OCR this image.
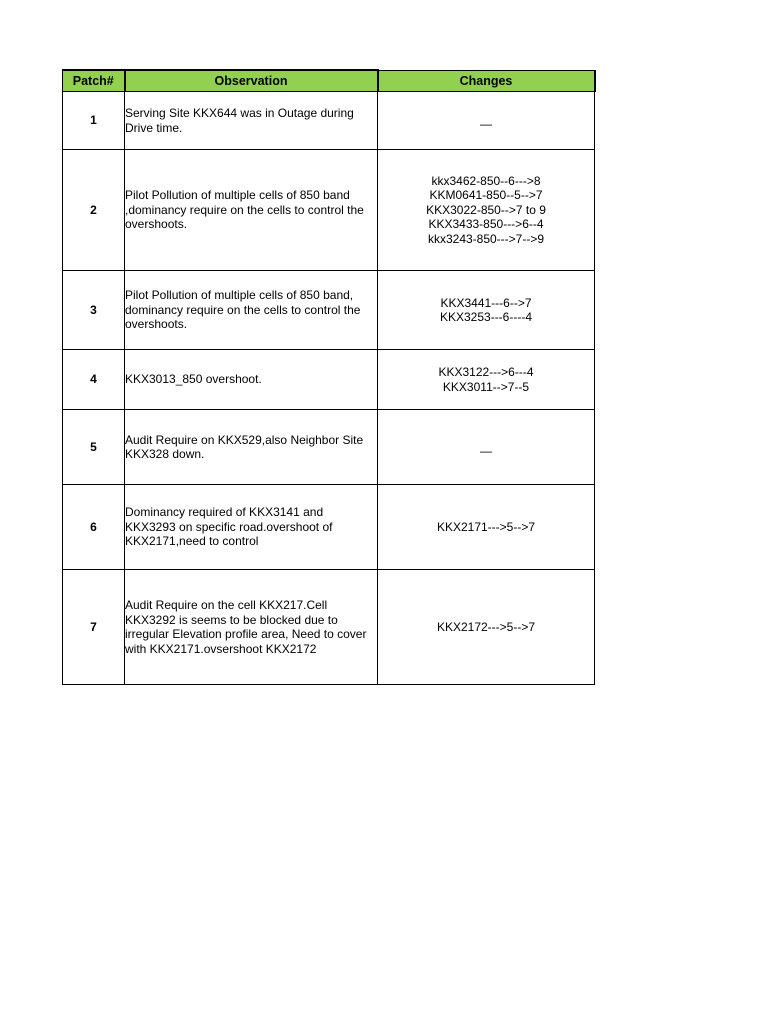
Patch#	Observation	Changes
1	Serving Site KKX644 was in Outage during Drive time.	—
2	Pilot Pollution of multiple cells of 850 band ,dominancy require on the cells to control the overshoots.	kkx3462-850--6--->8
KKM0641-850--5-->7
KKX3022-850-->7 to 9
KKX3433-850--->6--4
kkx3243-850--->7-->9
3	Pilot Pollution of multiple cells of 850 band, dominancy require on the cells to control the overshoots.	KKX3441---6-->7
KKX3253---6----4
4	KKX3013_850 overshoot.	KKX3122--->6---4
KKX3011-->7--5
5	Audit Require on KKX529,also Neighbor Site KKX328 down.	—
6	Dominancy required of KKX3141 and KKX3293 on specific road.overshoot of KKX2171,need to control	KKX2171--->5-->7
7	Audit Require on the cell KKX217.Cell KKX3292 is seems to be blocked due to irregular Elevation profile area, Need to cover with KKX2171.ovsershoot KKX2172	KKX2172--->5-->7
